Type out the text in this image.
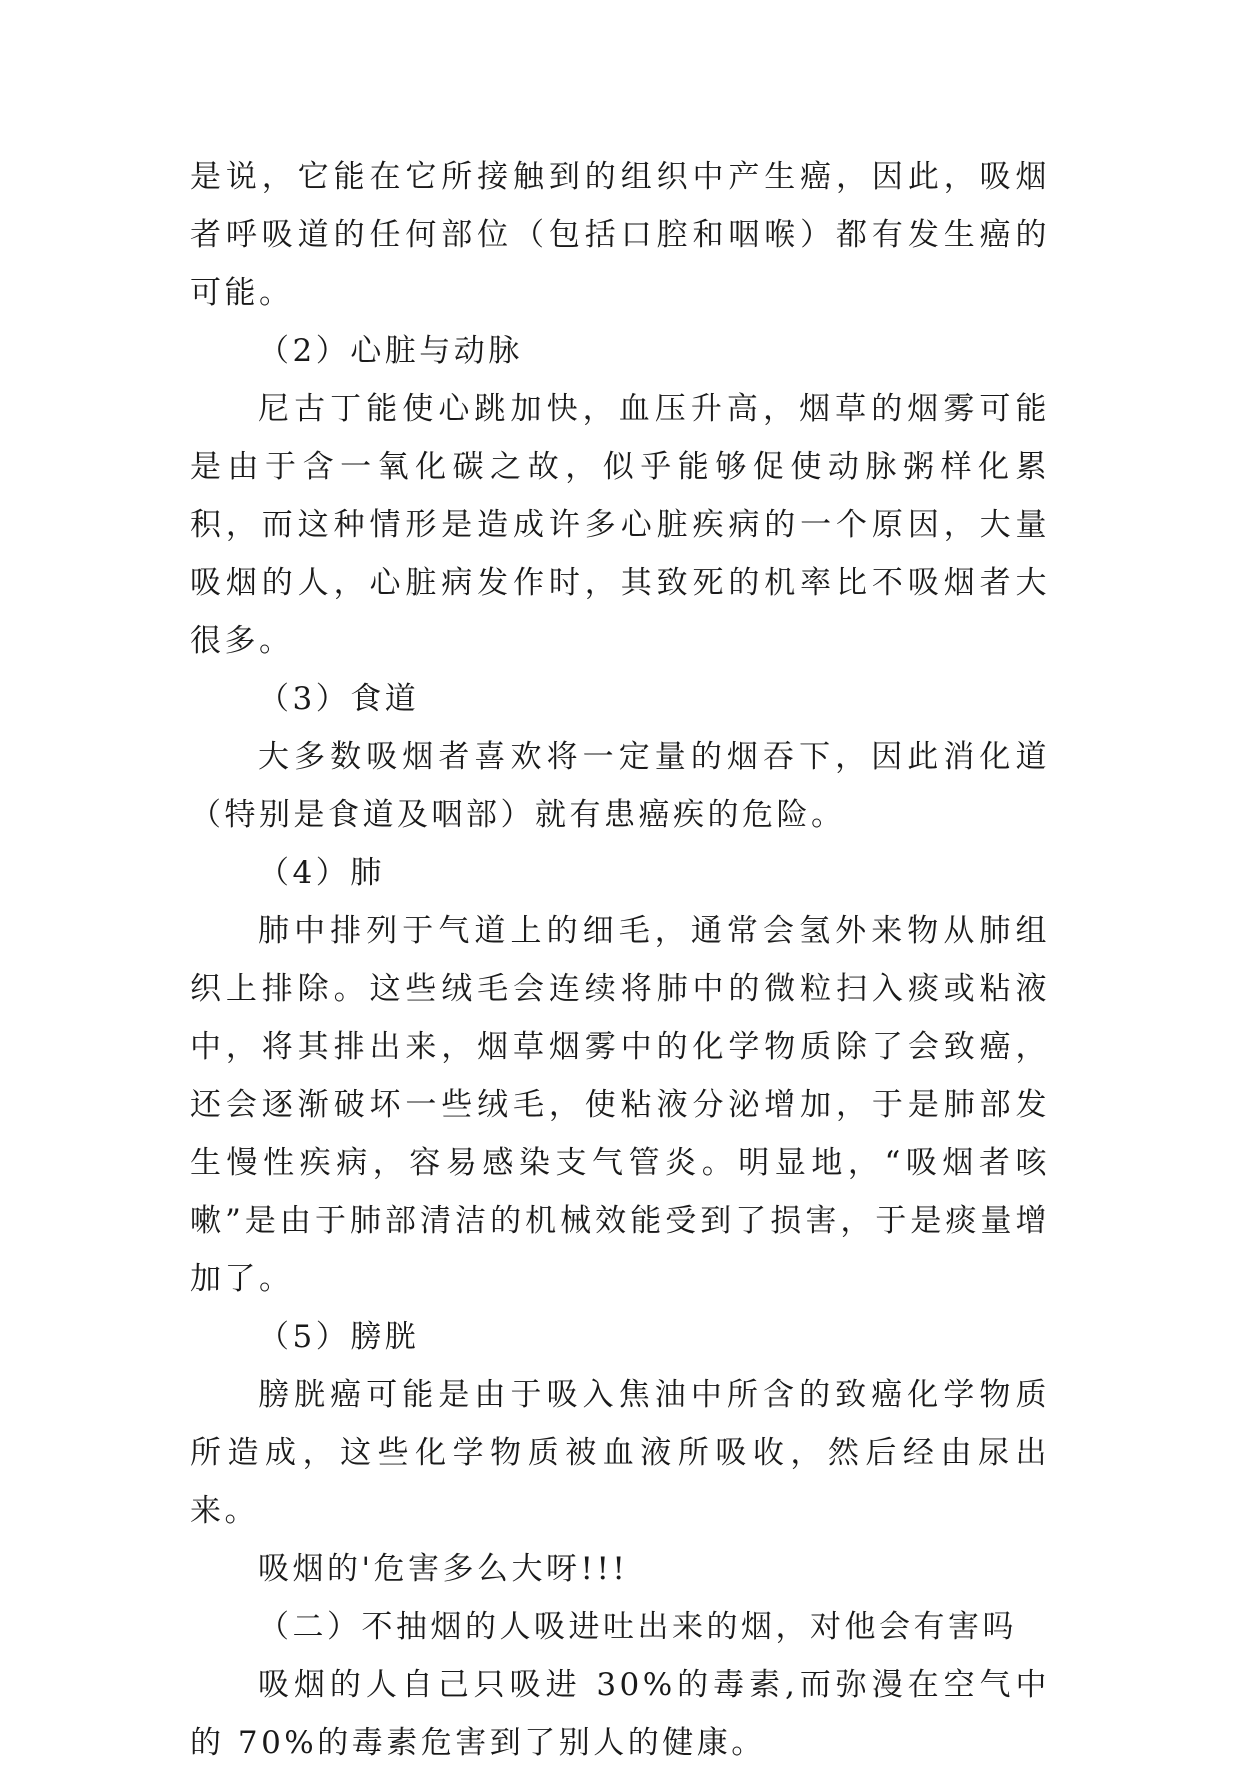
是说，它能在它所接触到的组织中产生癌，因此，吸烟者呼吸道的任何部位（包括口腔和咽喉）都有发生癌的可能。

（2）心脏与动脉

尼古丁能使心跳加快，血压升高，烟草的烟雾可能是由于含一氧化碳之故，似乎能够促使动脉粥样化累积，而这种情形是造成许多心脏疾病的一个原因，大量吸烟的人，心脏病发作时，其致死的机率比不吸烟者大很多。

（3）食道

大多数吸烟者喜欢将一定量的烟吞下，因此消化道（特别是食道及咽部）就有患癌疾的危险。

（4）肺

肺中排列于气道上的细毛，通常会氢外来物从肺组织上排除。这些绒毛会连续将肺中的微粒扫入痰或粘液中，将其排出来，烟草烟雾中的化学物质除了会致癌，还会逐渐破坏一些绒毛，使粘液分泌增加，于是肺部发生慢性疾病，容易感染支气管炎。明显地，“吸烟者咳嗽”是由于肺部清洁的机械效能受到了损害，于是痰量增加了。

（5）膀胱

膀胱癌可能是由于吸入焦油中所含的致癌化学物质所造成，这些化学物质被血液所吸收，然后经由尿出来。

吸烟的'危害多么大呀!!!

（二）不抽烟的人吸进吐出来的烟，对他会有害吗

吸烟的人自己只吸进 30%的毒素,而弥漫在空气中的 70%的毒素危害到了别人的健康。
